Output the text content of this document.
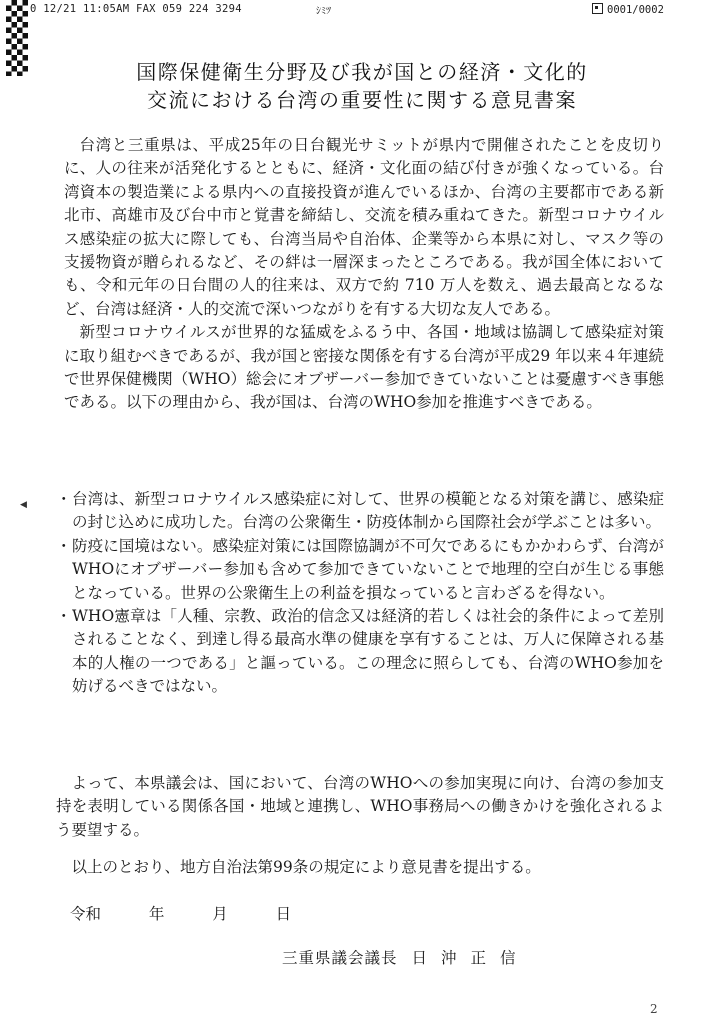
0 12/21 11:05AM FAX 059 224 3294	ｼﾐﾂ	0001/0002
国際保健衛生分野及び我が国との経済・文化的
交流における台湾の重要性に関する意見書案

台湾と三重県は、平成25年の日台観光サミットが県内で開催されたことを皮切りに、人の往来が活発化するとともに、経済・文化面の結び付きが強くなっている。台湾資本の製造業による県内への直接投資が進んでいるほか、台湾の主要都市である新北市、高雄市及び台中市と覚書を締結し、交流を積み重ねてきた。新型コロナウイルス感染症の拡大に際しても、台湾当局や自治体、企業等から本県に対し、マスク等の支援物資が贈られるなど、その絆は一層深まったところである。我が国全体においても、令和元年の日台間の人的往来は、双方で約 710 万人を数え、過去最高となるなど、台湾は経済・人的交流で深いつながりを有する大切な友人である。

新型コロナウイルスが世界的な猛威をふるう中、各国・地域は協調して感染症対策に取り組むべきであるが、我が国と密接な関係を有する台湾が平成29 年以来４年連続で世界保健機関（WHO）総会にオブザーバー参加できていないことは憂慮すべき事態である。以下の理由から、我が国は、台湾のWHO参加を推進すべきである。

◀ ・ 台湾は、新型コロナウイルス感染症に対して、世界の模範となる対策を講じ、感染症の封じ込めに成功した。台湾の公衆衛生・防疫体制から国際社会が学ぶことは多い。
・ 防疫に国境はない。感染症対策には国際協調が不可欠であるにもかかわらず、台湾がWHOにオブザーバー参加も含めて参加できていないことで地理的空白が生じる事態となっている。世界の公衆衛生上の利益を損なっていると言わざるを得ない。
・ WHO憲章は「人種、宗教、政治的信念又は経済的若しくは社会的条件によって差別されることなく、到達し得る最高水準の健康を享有することは、万人に保障される基本的人権の一つである」と謳っている。この理念に照らしても、台湾のWHO参加を妨げるべきではない。

よって、本県議会は、国において、台湾のWHOへの参加実現に向け、台湾の参加支持を表明している関係各国・地域と連携し、WHO事務局への働きかけを強化されるよう要望する。

以上のとおり、地方自治法第99条の規定により意見書を提出する。
令和	年	月	日
三重県議会議長 日沖正信
2
